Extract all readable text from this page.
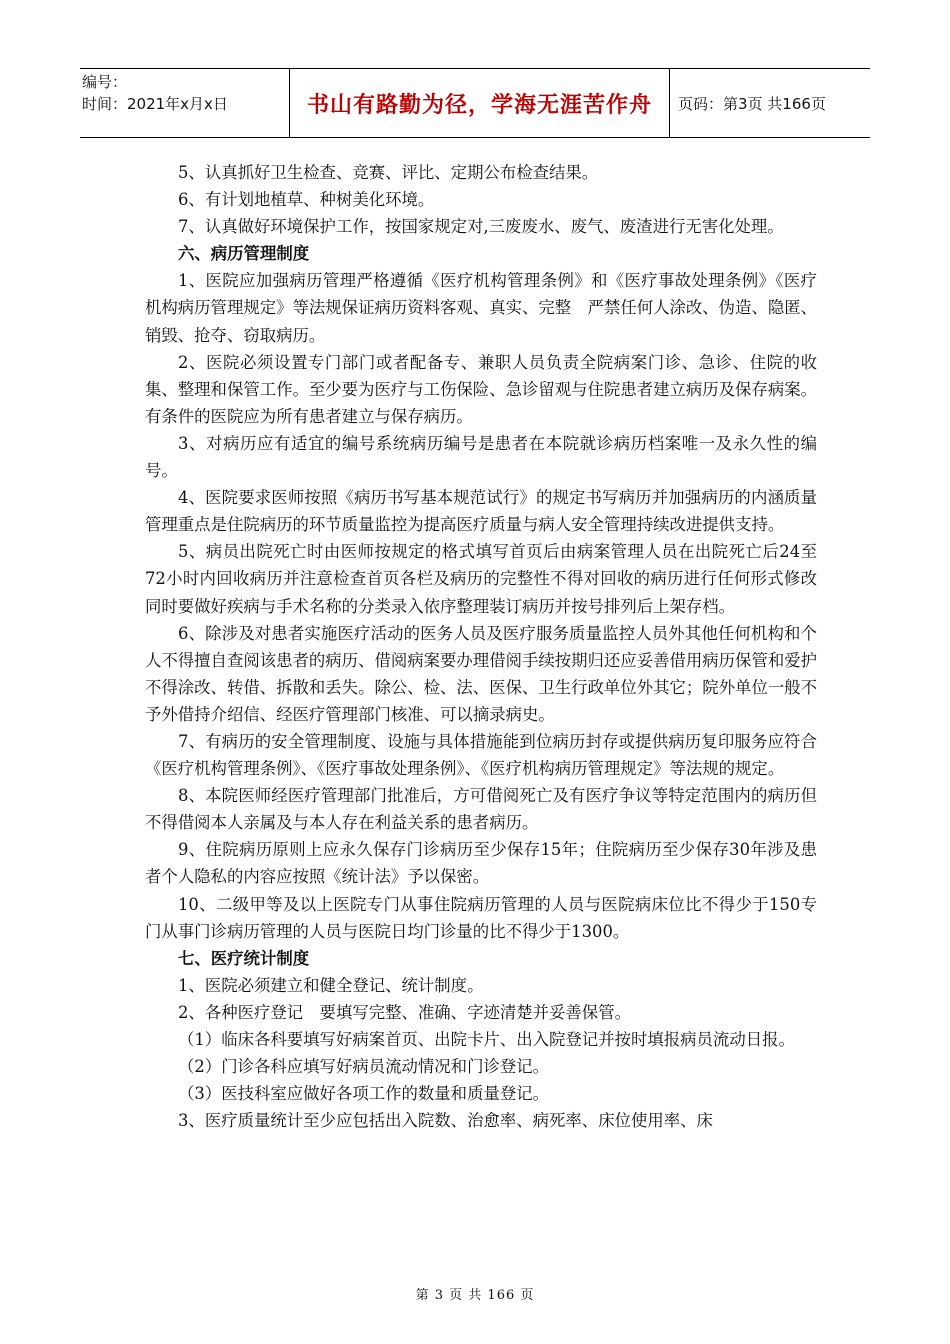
编号：
时间：2021年x月x日	书山有路勤为径，学海无涯苦作舟 页码：第3页 共166页

5、认真抓好卫生检查、竞赛、评比、定期公布检查结果。

6、有计划地植草、种树美化环境。

7、认真做好环境保护工作，按国家规定对,三废废水、废气、废渣进行无害化处理。

六、病历管理制度

1、医院应加强病历管理严格遵循《医疗机构管理条例》和《医疗事故处理条例》《医疗机构病历管理规定》等法规保证病历资料客观、真实、完整　严禁任何人涂改、伪造、隐匿、销毁、抢夺、窃取病历。

2、医院必须设置专门部门或者配备专、兼职人员负责全院病案门诊、急诊、住院的收集、整理和保管工作。至少要为医疗与工伤保险、急诊留观与住院患者建立病历及保存病案。有条件的医院应为所有患者建立与保存病历。

3、对病历应有适宜的编号系统病历编号是患者在本院就诊病历档案唯一及永久性的编号。

4、医院要求医师按照《病历书写基本规范试行》的规定书写病历并加强病历的内涵质量管理重点是住院病历的环节质量监控为提高医疗质量与病人安全管理持续改进提供支持。

5、病员出院死亡时由医师按规定的格式填写首页后由病案管理人员在出院死亡后24至72小时内回收病历并注意检查首页各栏及病历的完整性不得对回收的病历进行任何形式修改同时要做好疾病与手术名称的分类录入依序整理装订病历并按号排列后上架存档。

6、除涉及对患者实施医疗活动的医务人员及医疗服务质量监控人员外其他任何机构和个人不得擅自查阅该患者的病历、借阅病案要办理借阅手续按期归还应妥善借用病历保管和爱护不得涂改、转借、拆散和丢失。除公、检、法、医保、卫生行政单位外其它；院外单位一般不予外借持介绍信、经医疗管理部门核准、可以摘录病史。

7、有病历的安全管理制度、设施与具体措施能到位病历封存或提供病历复印服务应符合《医疗机构管理条例》、《医疗事故处理条例》、《医疗机构病历管理规定》等法规的规定。

8、本院医师经医疗管理部门批准后，方可借阅死亡及有医疗争议等特定范围内的病历但不得借阅本人亲属及与本人存在利益关系的患者病历。

9、住院病历原则上应永久保存门诊病历至少保存15年；住院病历至少保存30年涉及患者个人隐私的内容应按照《统计法》予以保密。

10、二级甲等及以上医院专门从事住院病历管理的人员与医院病床位比不得少于150专门从事门诊病历管理的人员与医院日均门诊量的比不得少于1300。

七、医疗统计制度

1、医院必须建立和健全登记、统计制度。

2、各种医疗登记　要填写完整、准确、字迹清楚并妥善保管。

（1）临床各科要填写好病案首页、出院卡片、出入院登记并按时填报病员流动日报。

（2）门诊各科应填写好病员流动情况和门诊登记。

（3）医技科室应做好各项工作的数量和质量登记。

3、医疗质量统计至少应包括出入院数、治愈率、病死率、床位使用率、床

第 3 页 共 166 页
